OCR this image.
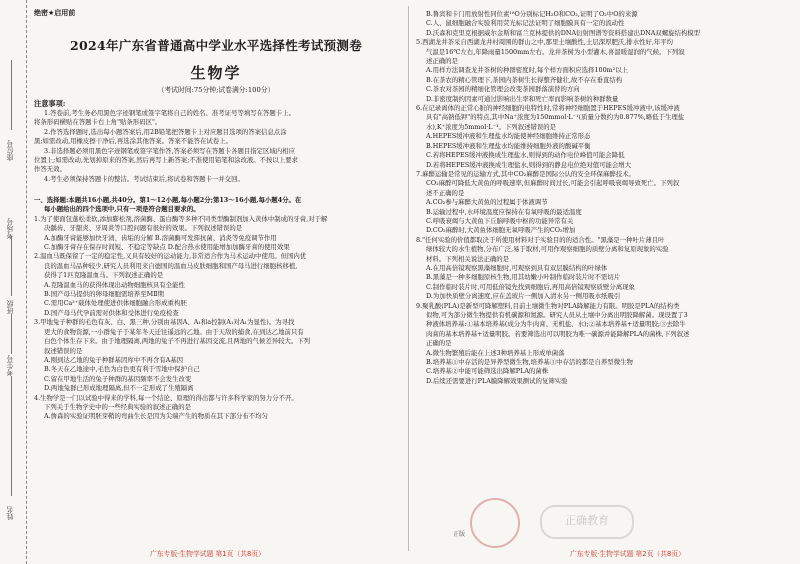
座位号
考场号
班级
考生号
姓名
绝密★启用前
2024年广东省普通高中学业水平选择性考试预测卷
生物学
（考试时间:75分钟;试卷满分:100分）
注意事项:

1.答卷前,考生务必用黑色字迹钢笔或签字笔将自己的姓名、准考证号等填写在答题卡上。

将条形码横贴在答题卡右上角"贴条形码区"。

2.作答选择题时,选出每小题答案后,用2B铅笔把答题卡上对应题目选项的答案信息点涂

黑;如需改动,用橡皮擦干净后,再选涂其他答案。答案不能答在试卷上。

3.非选择题必须用黑色字迹钢笔或签字笔作答,答案必须写在答题卡各题目指定区域内相应

位置上;如需改动,先划掉原来的答案,然后再写上新答案;不准使用铅笔和涂改液。不按以上要求

作答无效。

4.考生必须保持答题卡的整洁。考试结束后,将试卷和答题卡一并交回。

一、选择题:本题共16小题,共40分。第1～12小题,每小题2分;第13～16小题,每小题4分。在

每小题给出的四个选项中,只有一项是符合题目要求的。

1.为了使面包蓬松柔软,添加膨松剂,溶菌酶、蛋白酶等多种不同类型酶制剂加入黄体中制成的牙膏,对于解

决龋齿、牙龈炎、牙周炎等口腔问题有很好的效果。下列叙述错误的是

A.加酶牙膏能够加快牙渍、齿垢的分解 B.溶菌酶可发挥抗菌、消炎等免疫调节作用

C.加酶牙膏存在保存时间短、不稳定等缺点 D.配合热水使用能增加加酶牙膏的使用效果

2.温血马既保留了一定的稳定性,又具有较好的运动能力,非常适合作为马术运动中使用。但国内优

良的温血马品种较少,研究人员利用来自德国的温血马皮肤细胞和国产母马进行细胞核移植,

获得了1匹克隆温血马。下列叙述正确的是

A.克隆温血马的获得体现出动物细胞核具有全能性

B.国产母马提供的卵母细胞需培养至MⅡ期

C.需用Ca²⁺载体处理使进供体细胞融合形成重构胚

D.国产母马代孕前需对供体和受体进行免疫检查

3.甲地兔子种群的毛色有灰、白、黑三种,分别由基因A、A₁和a控制(A₁对A₁为显性)。为寻找

更大的食物资源,一小群兔子于某年冬天迁往遥远的乙地。由于天敌的捕食,在到达乙地前只有

白色个体生存下来。由于地理隔离,两地的兔子不再进行基因交流,且两地的气候差异较大。下列

叙述错误的是

A.刚到达乙地的兔子种群基因库中不再含有A基因

B.冬天在乙地途中,毛色为白色更有利于雪地中保护自己

C.留在甲地生活的兔子种群的基因频率不会发生改变

D.两地兔群已形成地理隔离,但不一定形成了生殖隔离

4.生物学是一门以试验中得来的学科,每一个结论、原理的得出都与许多科学家的努力分不开。

下列关于生物学史中的一些经典实验的叙述正确的是

A.詹森的实验证明胚芽鞘的弯曲生长是因为尖端产生的物质在其下部分布不均匀

广东专版·生物学试题 第1页（共8页）

B.鲁宾和卡门用放射性同位素¹⁸O分别标记H₂O和CO₂,证明了O₂中O的来源

C.人、鼠细胞融合实验利用荧光标记法证明了细胞膜具有一定的流动性

D.沃森和克里克根据威尔金斯和富兰克林提供的DNA衍射图谱等资料搭建出DNA双螺旋结构模型

5.西湖龙井茶采自西湖龙井村周围的群山之中,那里土壤酸性,土层深厚肥沃,排水性好,年平均

气温是16℃左右,年降雨量1500mm左右。龙井茶树为小型灌木,喜温暖湿润的气候。下列叙

述正确的是

A.用样方法调查龙井茶树的种群密度时,每个样方面积应选择100m²以上

B.在茶农的精心管理下,茶园内茶树生长得整齐健壮,故不存在垂直结构

C.茶农对茶园的精细化管理会改变茶园群落演替的方向

D.非密度制约因素可通过影响出生率和死亡率而影响茶树的种群数量

6.在记录离体的正常心脏的神经细胞的电特性时,常将神经细胞置于HEPES缓冲液中,该缓冲液

具有"高钠低钾"的特点,其中Na⁺浓度为150mmol·L⁻¹(质量分数约为0.877%,略低于生理盐

水),K⁺浓度为5mmol·L⁻¹。下列叙述错误的是

A.HEPES缓冲液和生理盐水均能使神经细胞维持正常形态

B.HEPES缓冲液和生理盐水均能维持细胞外液的酸碱平衡

C.若将HEPES缓冲液换成生理盐水,则得到的动作电位峰值可能会降低

D.若将HEPES缓冲液换成生理盐水,则得到的静息电位绝对值可能会增大

7.麻醉运输是常见的运输方式,其中CO₂麻醉是国际公认的安全环保麻醉技术。

CO₂麻醉可降低大黄鱼的呼吸速率,但麻醉时间过长,可能会引起呼吸衰竭导致死亡。下列叙

述不正确的是

A.CO₂参与麻醉大黄鱼的过程属于体液调节

B.运输过程中,水环境温度应保持在有氧呼吸的最适温度

C.呼吸衰竭与大黄鱼下丘脑呼吸中枢的功能异常有关

D.CO₂麻醉时,大黄鱼体细胞无氧呼吸产生的CO₂增加

8."任何实验的价值都取决于所使用材料对于实验目的的适合性。"黑藻是一种叶片薄且叶

绿体较大的水生植物,分布广泛,易于取材,可用作观察细胞的质壁分离和复原现象的实验

材料。下列相关说法正确的是

A.在用高倍镜观察黑藻细胞时,可观察到具有双层膜结构的叶绿体

B.黑藻是一种多细胞原核生物,用其幼嫩小叶制作临时装片时不需切片

C.制作临时装片时,可用低倍镜先找到细胞后,再用高倍镜观察质壁分离现象

D.为加快质壁分离速度,应在盖玻片一侧加入清水另一侧用吸水纸吸引

9.聚乳酸(PLA)是新型可降解塑料,目前土壤微生物对PLA降解能力有限。明胶是PLA的结构类

似物,可为部分微生物提供有机碳源和氮源。研究人员从土壤中分离出明胶降解菌。现设置了3

种液体培养基:①基本培养基(成分为牛肉膏、无机盐、水);②基本培养基+适量明胶;③去除牛

肉膏的基本培养基+适量明胶。若要筛选出可以明胶为唯一碳源并能降解PLA的菌株,下列叙述

正确的是

A.微生物繁殖后能在上述3种培养基上形成单菌落

B.培养基①中存活的是异养型微生物,培养基③中存活的都是自养型微生物

C.培养基②中能可能筛选出降解PLA的菌株

D.后续还需要进行PLA膜降解效果测试的复筛实验

正版
正确教育
广东专版·生物学试题 第2页（共8页）
